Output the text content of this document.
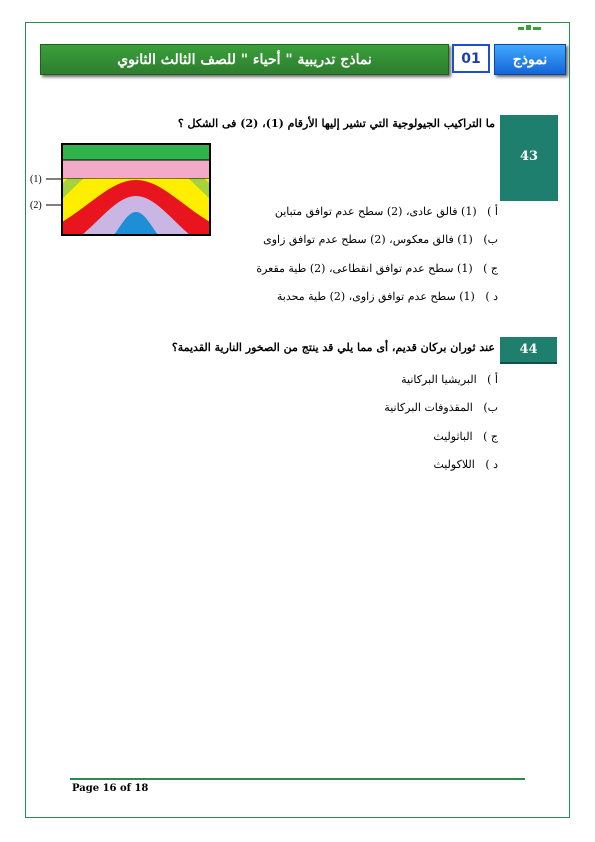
نماذج تدريبية " أحياء " للصف الثالث الثانوي	01	نموذج
43
ما التراكيب الجيولوجية التي تشير إليها الأرقام (1)، (2) فى الشكل ؟
(1)
(2)	أ )   (1) فالق عادى، (2) سطح عدم توافق متباين
ب)   (1) فالق معكوس، (2) سطح عدم توافق زاوى
ج )   (1) سطح عدم توافق انقطاعى، (2) طية مقعرة
د )   (1) سطح عدم توافق زاوى، (2) طية محدبة
44
عند ثوران بركان قديم، أى مما يلي قد ينتج من الصخور النارية القديمة؟
أ )   البريشيا البركانية
ب)   المقذوفات البركانية
ج )   الباثوليث
د )   اللاكوليث
Page 16 of 18
